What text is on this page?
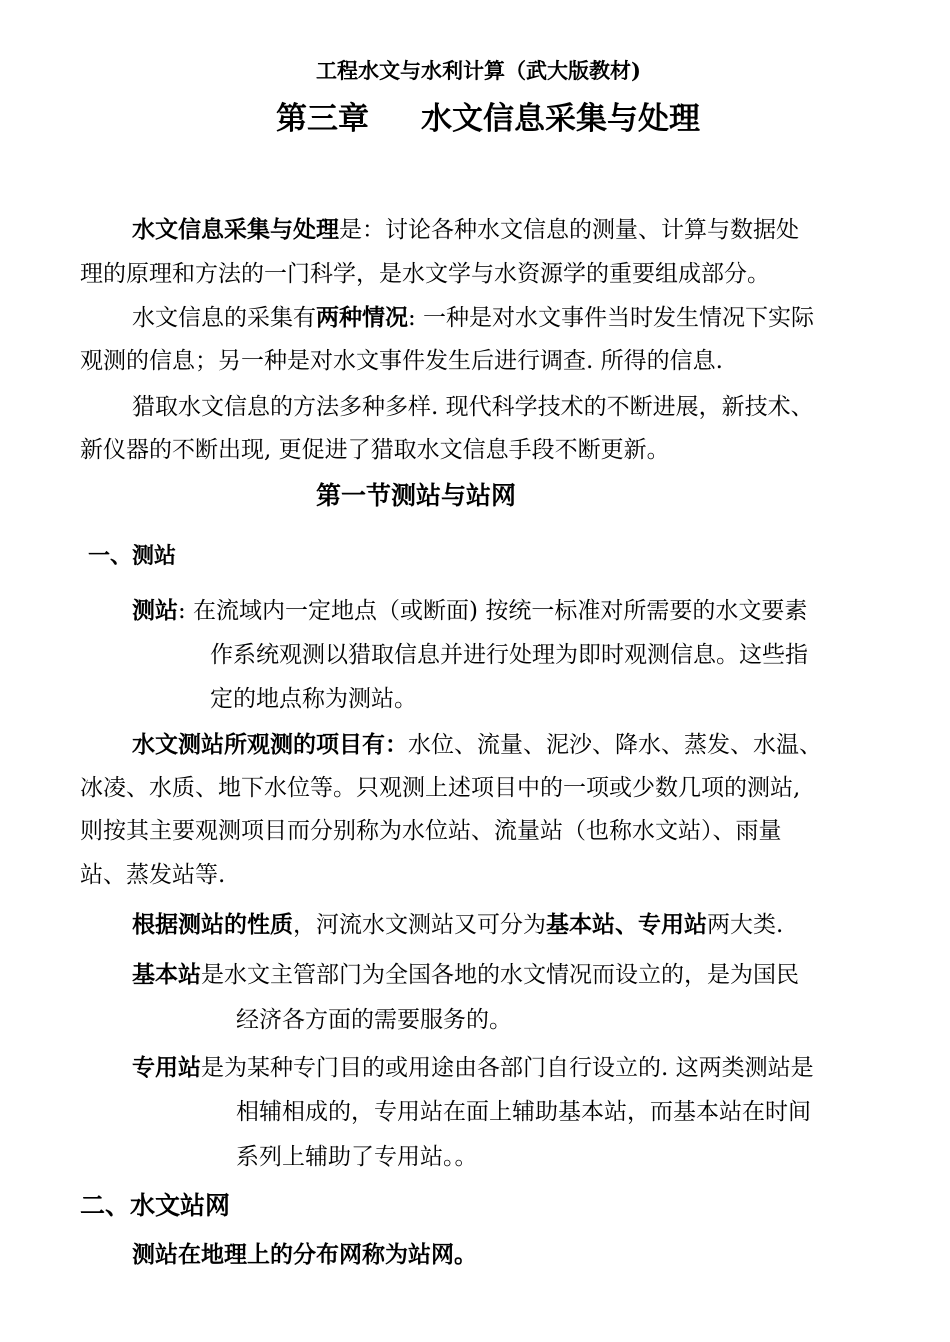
工程水文与水利计算（武大版教材)
第三章 水文信息采集与处理
水文信息采集与处理是：讨论各种水文信息的测量、计算与数据处
理的原理和方法的一门科学，是水文学与水资源学的重要组成部分。
水文信息的采集有两种情况: 一种是对水文事件当时发生情况下实际
观测的信息；另一种是对水文事件发生后进行调查. 所得的信息.
猎取水文信息的方法多种多样. 现代科学技术的不断进展，新技术、
新仪器的不断出现, 更促进了猎取水文信息手段不断更新。
第一节测站与站网
一、测站
测站: 在流域内一定地点（或断面) 按统一标准对所需要的水文要素
作系统观测以猎取信息并进行处理为即时观测信息。这些指
定的地点称为测站。
水文测站所观测的项目有：水位、流量、泥沙、降水、蒸发、水温、
冰凌、水质、地下水位等。只观测上述项目中的一项或少数几项的测站,
则按其主要观测项目而分别称为水位站、流量站（也称水文站）、雨量
站、蒸发站等.
根据测站的性质，河流水文测站又可分为基本站、专用站两大类.
基本站是水文主管部门为全国各地的水文情况而设立的，是为国民
经济各方面的需要服务的。
专用站是为某种专门目的或用途由各部门自行设立的. 这两类测站是
相辅相成的，专用站在面上辅助基本站，而基本站在时间
系列上辅助了专用站。。
二、水文站网
测站在地理上的分布网称为站网。
